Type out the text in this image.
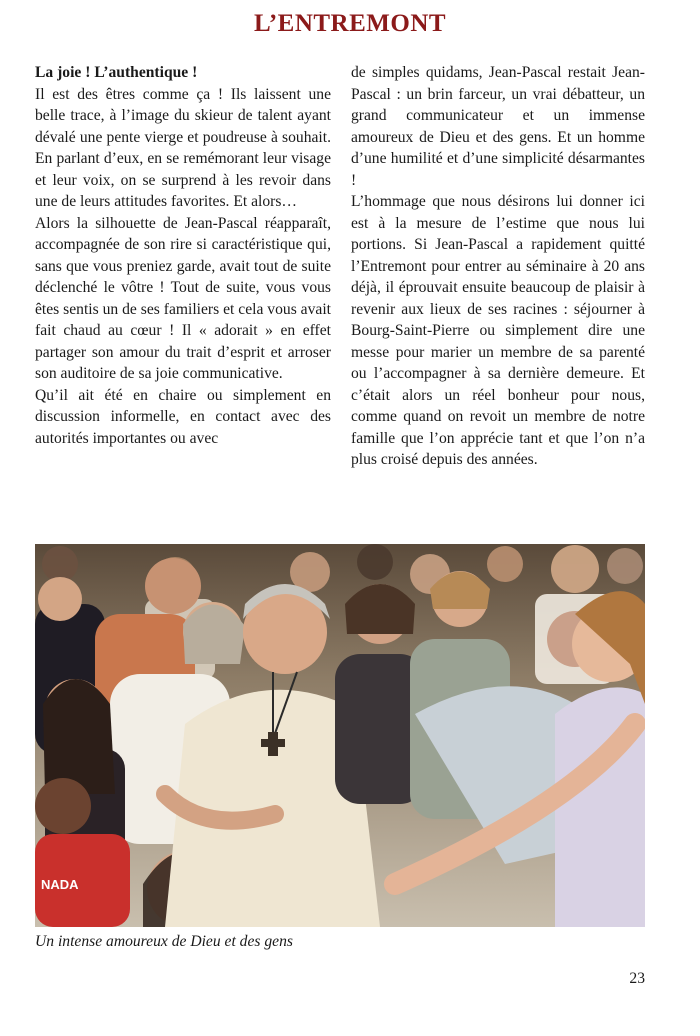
L’ENTREMONT

La joie ! L’authentique !

Il est des êtres comme ça ! Ils laissent une belle trace, à l’image du skieur de talent ayant dévalé une pente vierge et poudreuse à souhait. En parlant d’eux, en se remémorant leur visage et leur voix, on se surprend à les revoir dans une de leurs attitudes favorites. Et alors…

Alors la silhouette de Jean-Pascal réapparaît, accompagnée de son rire si caractéristique qui, sans que vous preniez garde, avait tout de suite déclenché le vôtre ! Tout de suite, vous vous êtes sentis un de ses familiers et cela vous avait fait chaud au cœur ! Il « adorait » en effet partager son amour du trait d’esprit et arroser son auditoire de sa joie communicative.

Qu’il ait été en chaire ou simplement en discussion informelle, en contact avec des autorités importantes ou avec

de simples quidams, Jean-Pascal restait Jean-Pascal : un brin farceur, un vrai débatteur, un grand communicateur et un immense amoureux de Dieu et des gens. Et un homme d’une humilité et d’une simplicité désarmantes !

L’hommage que nous désirons lui donner ici est à la mesure de l’estime que nous lui portions. Si Jean-Pascal a rapidement quitté l’Entremont pour entrer au séminaire à 20 ans déjà, il éprouvait ensuite beaucoup de plaisir à revenir aux lieux de ses racines : séjourner à Bourg-Saint-Pierre ou simplement dire une messe pour marier un membre de sa parenté ou l’accompagner à sa dernière demeure. Et c’était alors un réel bonheur pour nous, comme quand on revoit un membre de notre famille que l’on apprécie tant et que l’on n’a plus croisé depuis des années.

NADA
Un intense amoureux de Dieu et des gens
23
